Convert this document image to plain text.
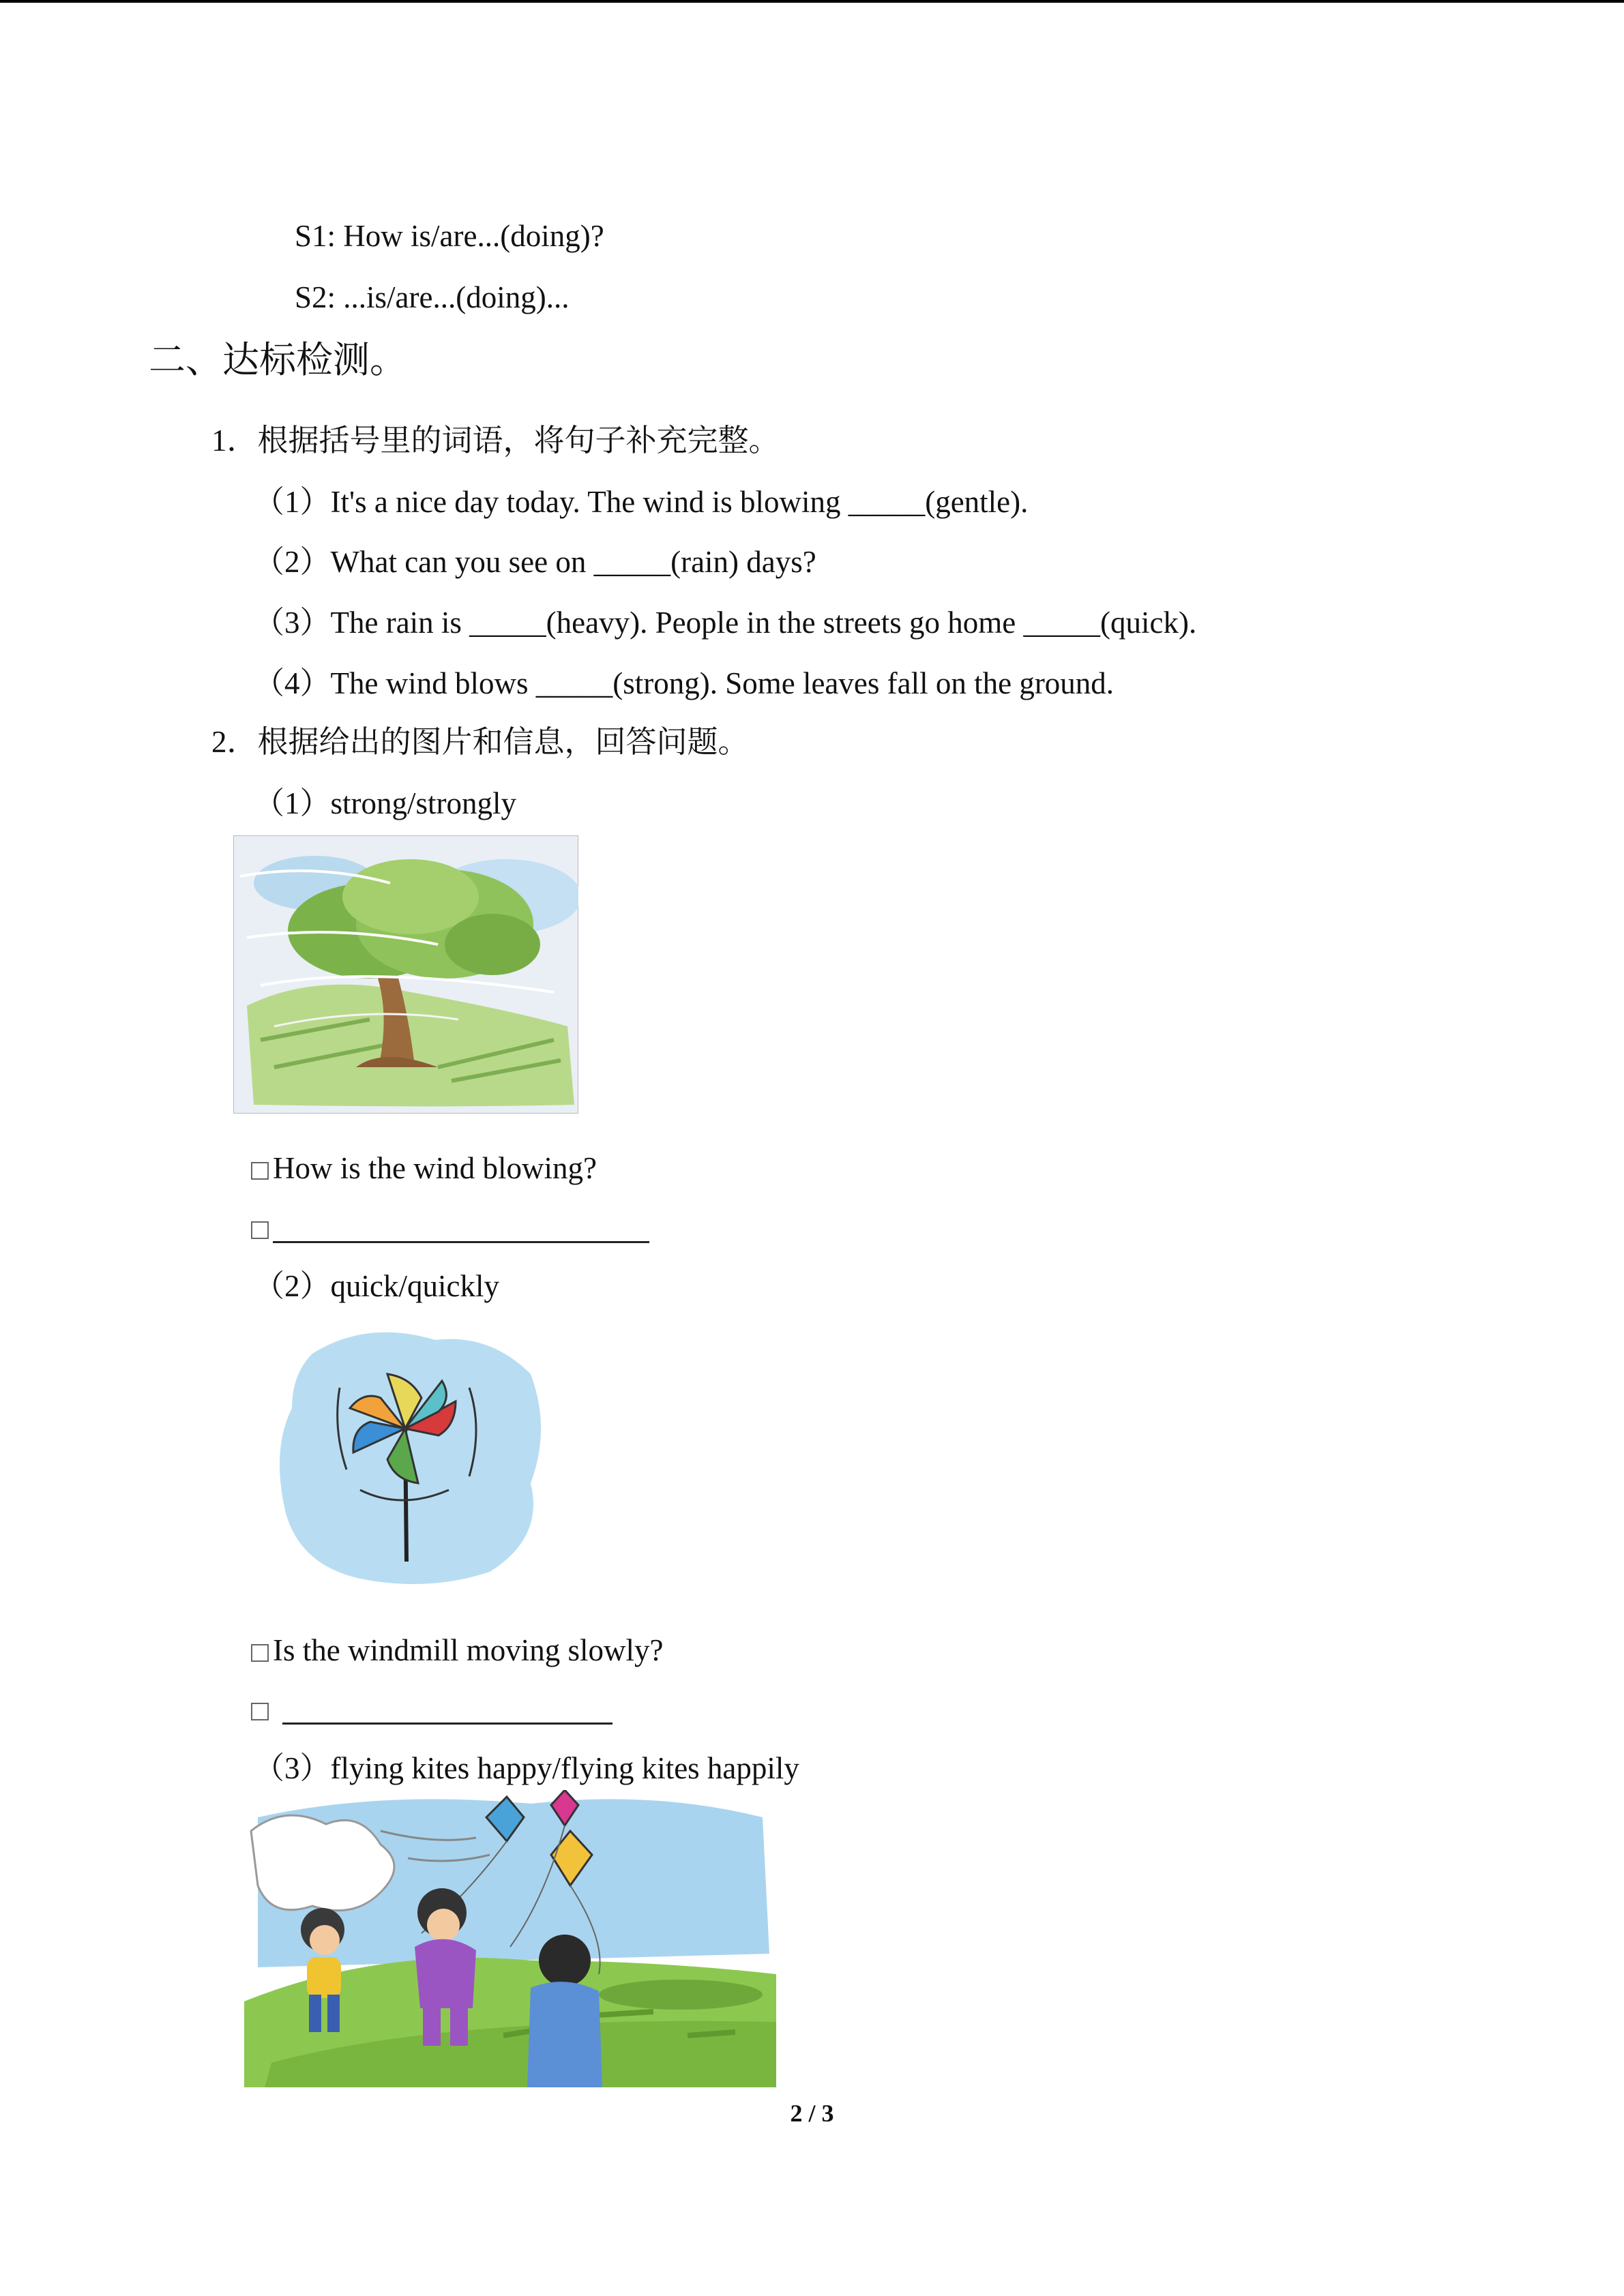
S1: How is/are...(doing)?
S2: ...is/are...(doing)...
二、达标检测。
1．根据括号里的词语，将句子补充完整。
（1）It's a nice day today. The wind is blowing _____(gentle).
（2）What can you see on _____(rain) days?
（3）The rain is _____(heavy). People in the streets go home _____(quick).
（4）The wind blows _____(strong). Some leaves fall on the ground.
2．根据给出的图片和信息，回答问题。
（1）strong/strongly
How is the wind blowing?
（2）quick/quickly
Is the windmill moving slowly?
（3）flying kites happy/flying kites happily
2 / 3
